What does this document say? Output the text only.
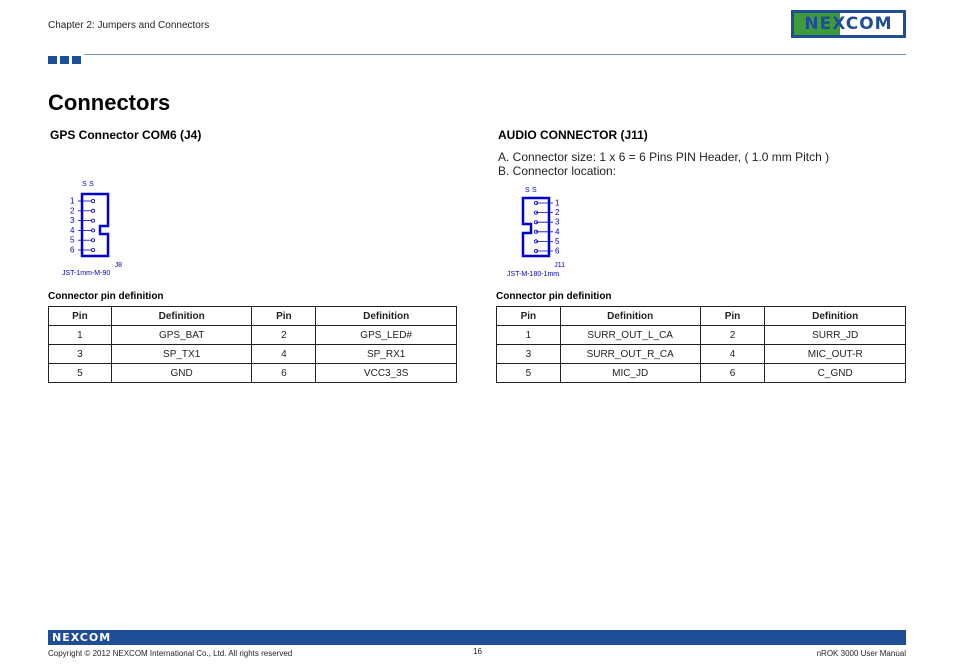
Chapter 2: Jumpers and Connectors	NEXCOM
Connectors
GPS Connector COM6 (J4)
S S
1
2
3
4
5
6
J8
JST-1mm-M-90
Connector pin definition
Pin	Definition	Pin	Definition
1	GPS_BAT	2	GPS_LED#
3	SP_TX1	4	SP_RX1
5	GND	6	VCC3_3S
AUDIO CONNECTOR (J11)
A. Connector size: 1 x 6 = 6 Pins PIN Header, ( 1.0 mm Pitch )
B. Connector location:
S S
1
2
3
4
5
6
J11
JST-M-180-1mm
Connector pin definition
Pin	Definition	Pin	Definition
1	SURR_OUT_L_CA	2	SURR_JD
3	SURR_OUT_R_CA	4	MIC_OUT-R
5	MIC_JD	6	C_GND
NEXCOM
Copyright © 2012 NEXCOM International Co., Ltd. All rights reserved	16	nROK 3000 User Manual
